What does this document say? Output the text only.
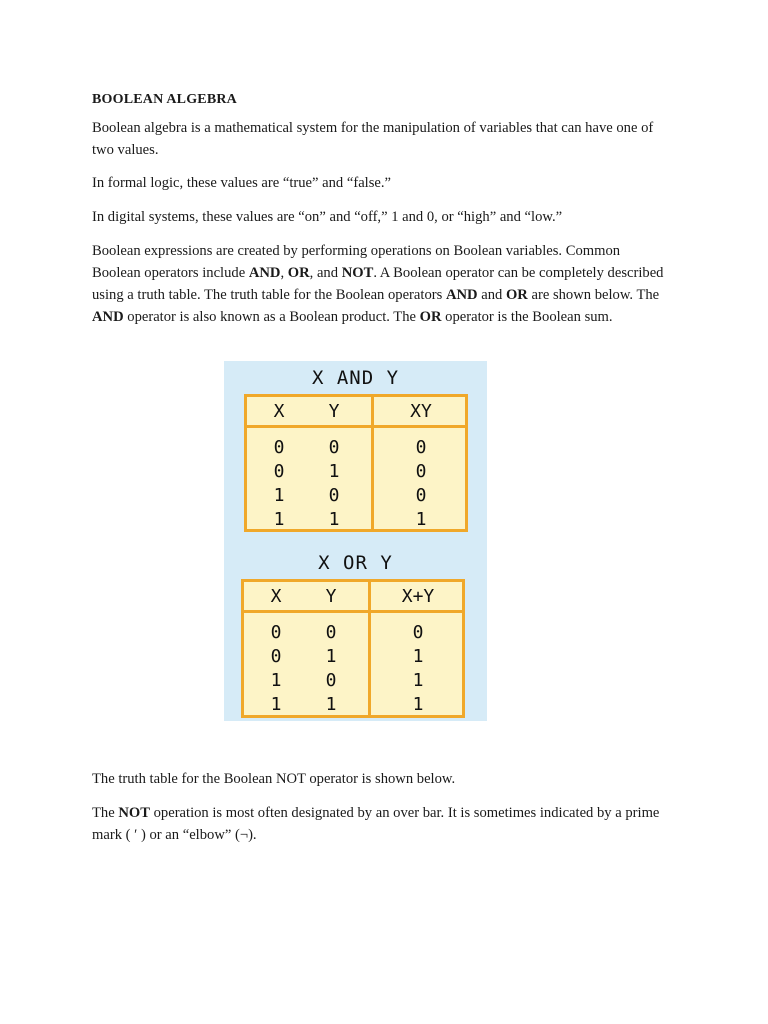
BOOLEAN ALGEBRA

Boolean algebra is a mathematical system for the manipulation of variables that can have one of two values.

In formal logic, these values are “true” and “false.”

In digital systems, these values are “on” and “off,” 1 and 0, or “high” and “low.”

Boolean expressions are created by performing operations on Boolean variables. Common Boolean operators include AND, OR, and NOT. A Boolean operator can be completely described using a truth table. The truth table for the Boolean operators AND and OR are shown below. The AND operator is also known as a Boolean product. The OR operator is the Boolean sum.

X AND Y
X	Y	XY
0	0	0
0	1	0
1	0	0
1	1	1
X OR Y
X	Y	X+Y
0	0	0
0	1	1
1	0	1
1	1	1

The truth table for the Boolean NOT operator is shown below.

The NOT operation is most often designated by an over bar. It is sometimes indicated by a prime mark ( ′ ) or an “elbow” (¬).
